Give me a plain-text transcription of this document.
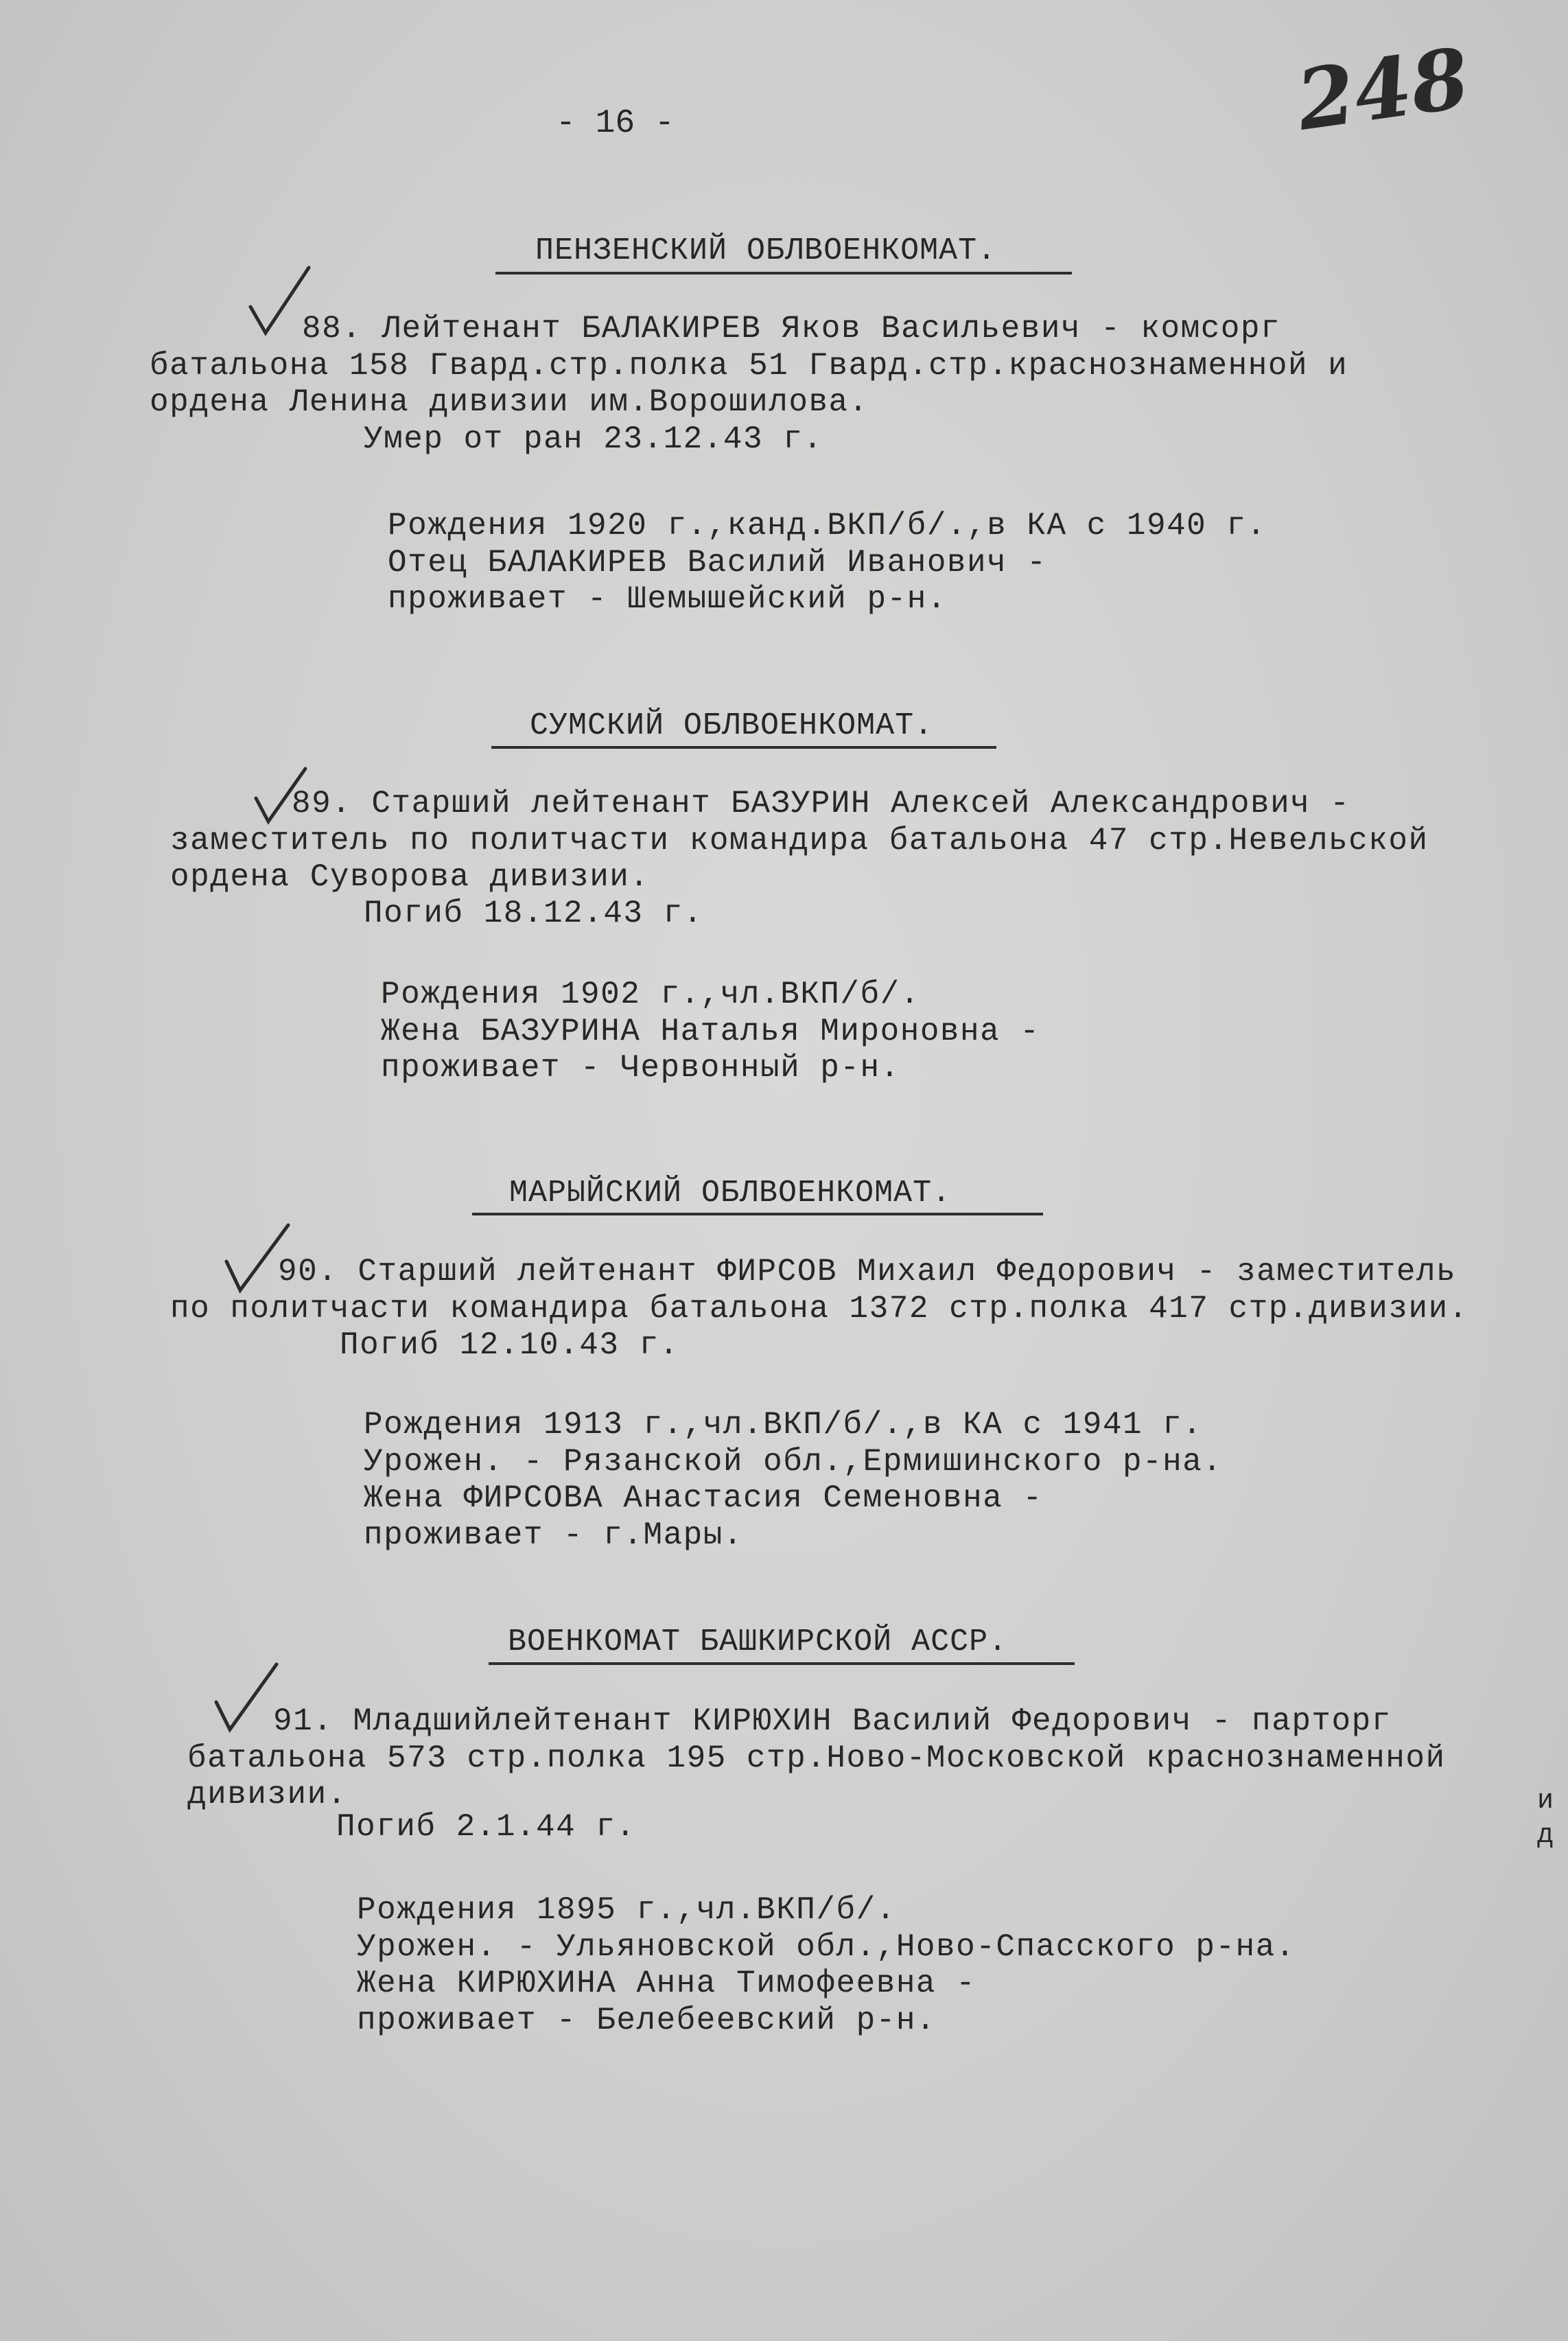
- 16 -	248
ПЕНЗЕНСКИЙ ОБЛВОЕНКОМАТ.
88. Лейтенант БАЛАКИРЕВ Яков Васильевич - комсорг
батальона 158 Гвард.стр.полка 51 Гвард.стр.краснознаменной и
ордена Ленина дивизии им.Ворошилова.
Умер от ран 23.12.43 г.
Рождения 1920 г.,канд.ВКП/б/.,в КА с 1940 г.
Отец БАЛАКИРЕВ Василий Иванович -
проживает - Шемышейский р-н.
СУМСКИЙ ОБЛВОЕНКОМАТ.
89. Старший лейтенант БАЗУРИН Алексей Александрович -
заместитель по политчасти командира батальона 47 стр.Невельской
ордена Суворова дивизии.
Погиб 18.12.43 г.
Рождения 1902 г.,чл.ВКП/б/.
Жена БАЗУРИНА Наталья Мироновна -
проживает - Червонный р-н.
МАРЫЙСКИЙ ОБЛВОЕНКОМАТ.
90. Старший лейтенант ФИРСОВ Михаил Федорович - заместитель
по политчасти командира батальона 1372 стр.полка 417 стр.дивизии.
Погиб 12.10.43 г.
Рождения 1913 г.,чл.ВКП/б/.,в КА с 1941 г.
Урожен. - Рязанской обл.,Ермишинского р-на.
Жена ФИРСОВА Анастасия Семеновна -
проживает - г.Мары.
ВОЕНКОМАТ БАШКИРСКОЙ АССР.
91. Младшийлейтенант КИРЮХИН Василий Федорович - парторг
батальона 573 стр.полка 195 стр.Ново-Московской краснознаменной
дивизии.
Погиб 2.1.44 г.
Рождения 1895 г.,чл.ВКП/б/.
Урожен. - Ульяновской обл.,Ново-Спасского р-на.
Жена КИРЮХИНА Анна Тимофеевна -
проживает - Белебеевский р-н.
и
д
